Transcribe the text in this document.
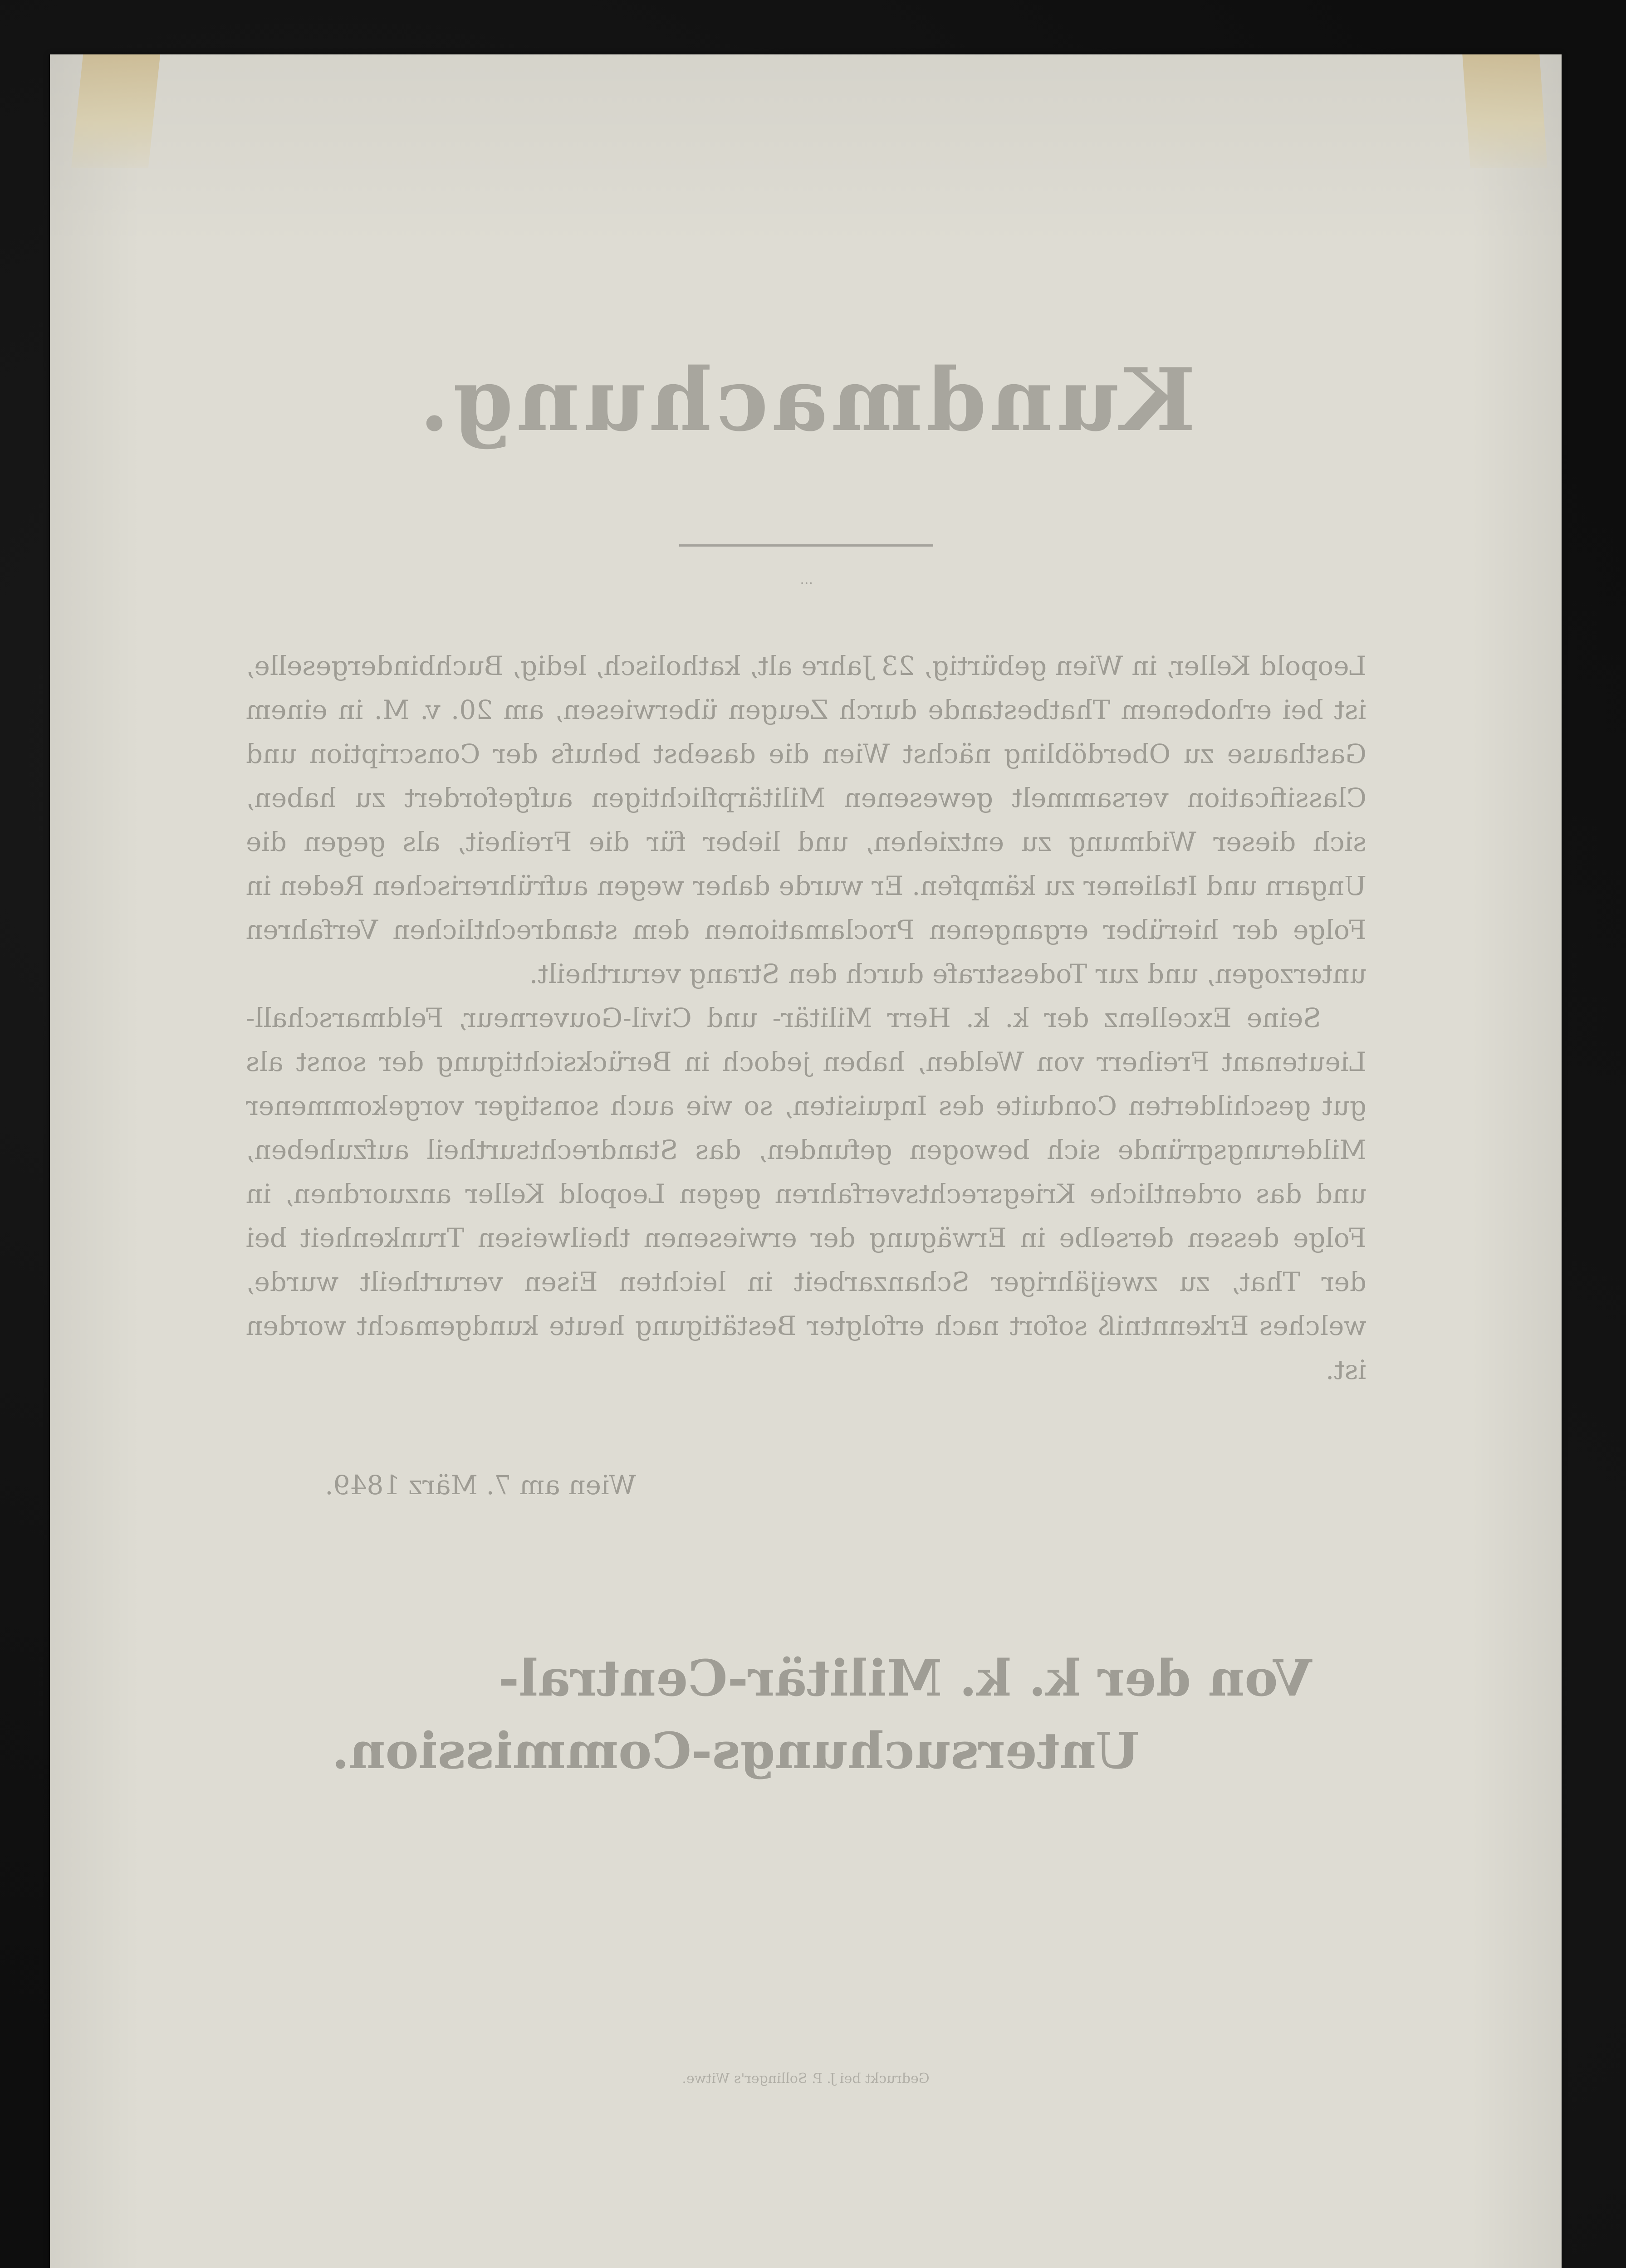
Kundmachung.
...

Leopold Keller, in Wien gebürtig, 23 Jahre alt, katholisch, ledig, Buchbindergeselle, ist bei erhobenem Thatbestande durch Zeugen überwiesen, am 20. v. M. in einem Gasthause zu Oberdöbling nächst Wien die dasebst behufs der Conscription und Classification versammelt gewesenen Militärpflichtigen aufgefordert zu haben, sich dieser Widmung zu entziehen, und lieber für die Freiheit, als gegen die Ungarn und Italiener zu kämpfen. Er wurde daher wegen aufrührerischen Reden in Folge der hierüber ergangenen Proclamationen dem standrechtlichen Verfahren unterzogen, und zur Todesstrafe durch den Strang verurtheilt.

Seine Excellenz der k. k. Herr Militär- und Civil-Gouverneur, Feldmarschall-Lieutenant Freiherr von Welden, haben jedoch in Berücksichtigung der sonst als gut geschilderten Conduite des Inquisiten, so wie auch sonstiger vorgekommener Milderungsgründe sich bewogen gefunden, das Standrechtsurtheil aufzuheben, und das ordentliche Kriegsrechtsverfahren gegen Leopold Keller anzuordnen, in Folge dessen derselbe in Erwägung der erwiesenen theilweisen Trunkenheit bei der That, zu zweijähriger Schanzarbeit in leichten Eisen verurtheilt wurde, welches Erkenntniß sofort nach erfolgter Bestätigung heute kundgemacht worden ist.

Wien am 7. März 1849.
Von der k. k. Militär-Central-
Untersuchungs-Commission.
Gedruckt bei J. P. Sollinger's Witwe.
